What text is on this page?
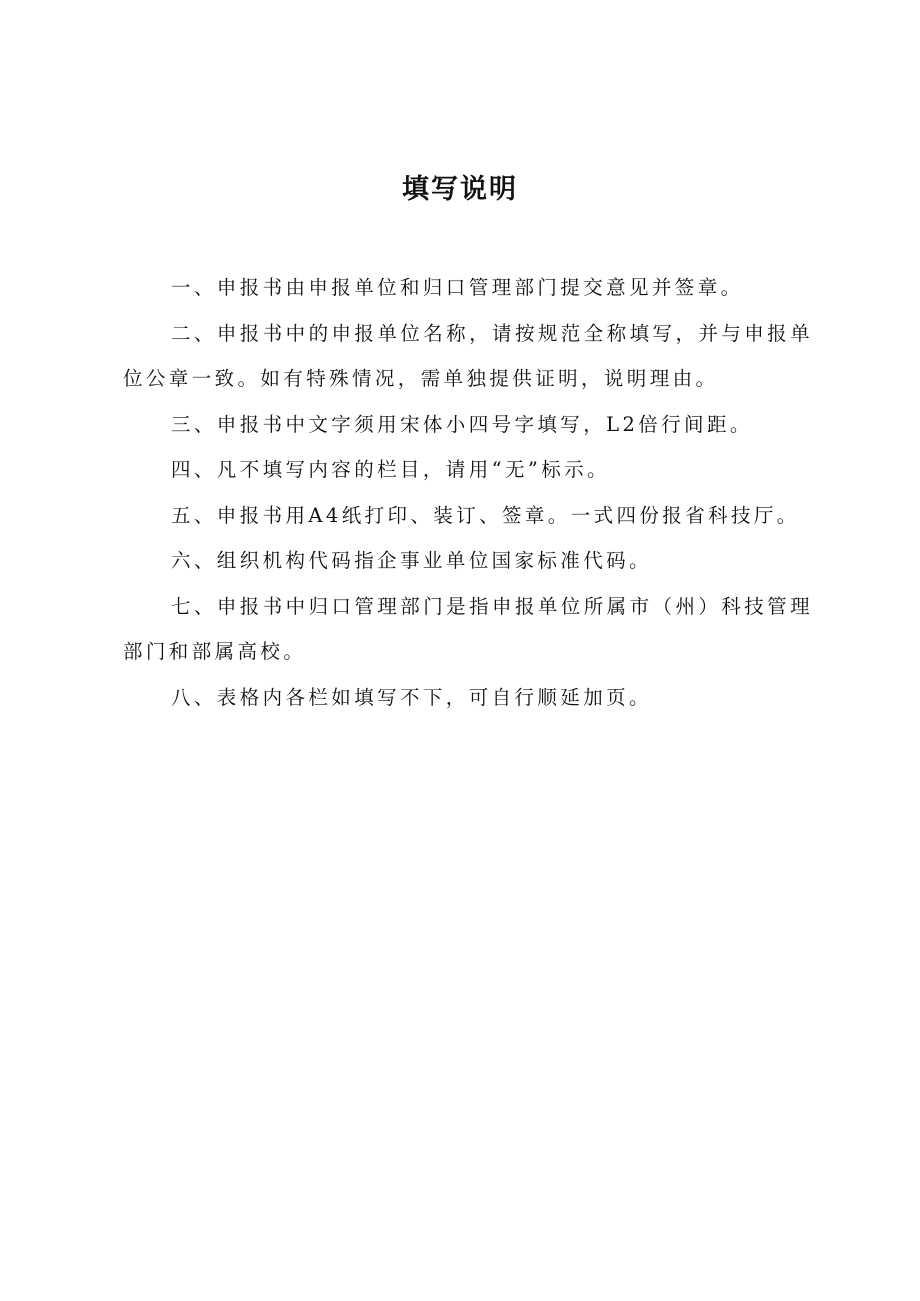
填写说明

一、申报书由申报单位和归口管理部门提交意见并签章。

二、申报书中的申报单位名称，请按规范全称填写，并与申报单位公章一致。如有特殊情况，需单独提供证明，说明理由。

三、申报书中文字须用宋体小四号字填写，L2倍行间距。

四、凡不填写内容的栏目，请用“无”标示。

五、申报书用A4纸打印、装订、签章。一式四份报省科技厅。

六、组织机构代码指企事业单位国家标准代码。

七、申报书中归口管理部门是指申报单位所属市（州）科技管理部门和部属高校。

八、表格内各栏如填写不下，可自行顺延加页。
